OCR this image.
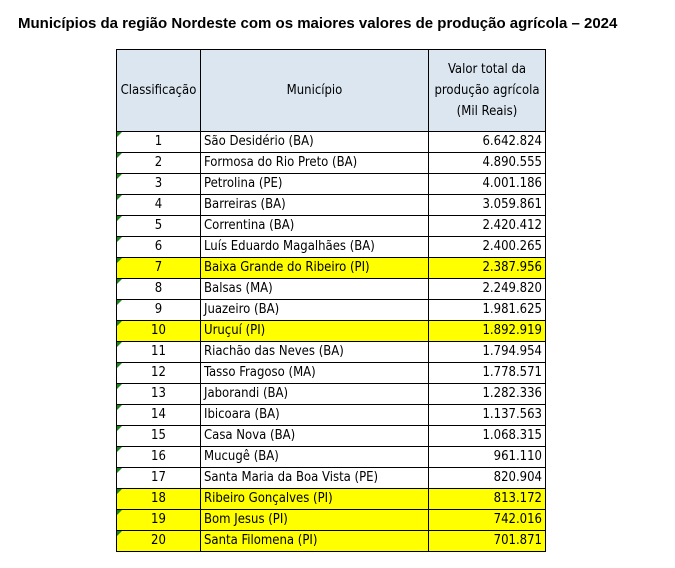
Municípios da região Nordeste com os maiores valores de produção agrícola – 2024
Classificação	Município	Valor total da produção agrícola (Mil Reais)
1	São Desidério (BA)	6.642.824
2	Formosa do Rio Preto (BA)	4.890.555
3	Petrolina (PE)	4.001.186
4	Barreiras (BA)	3.059.861
5	Correntina (BA)	2.420.412
6	Luís Eduardo Magalhães (BA)	2.400.265
7	Baixa Grande do Ribeiro (PI)	2.387.956
8	Balsas (MA)	2.249.820
9	Juazeiro (BA)	1.981.625
10	Uruçuí (PI)	1.892.919
11	Riachão das Neves (BA)	1.794.954
12	Tasso Fragoso (MA)	1.778.571
13	Jaborandi (BA)	1.282.336
14	Ibicoara (BA)	1.137.563
15	Casa Nova (BA)	1.068.315
16	Mucugê (BA)	961.110
17	Santa Maria da Boa Vista (PE)	820.904
18	Ribeiro Gonçalves (PI)	813.172
19	Bom Jesus (PI)	742.016
20	Santa Filomena (PI)	701.871
